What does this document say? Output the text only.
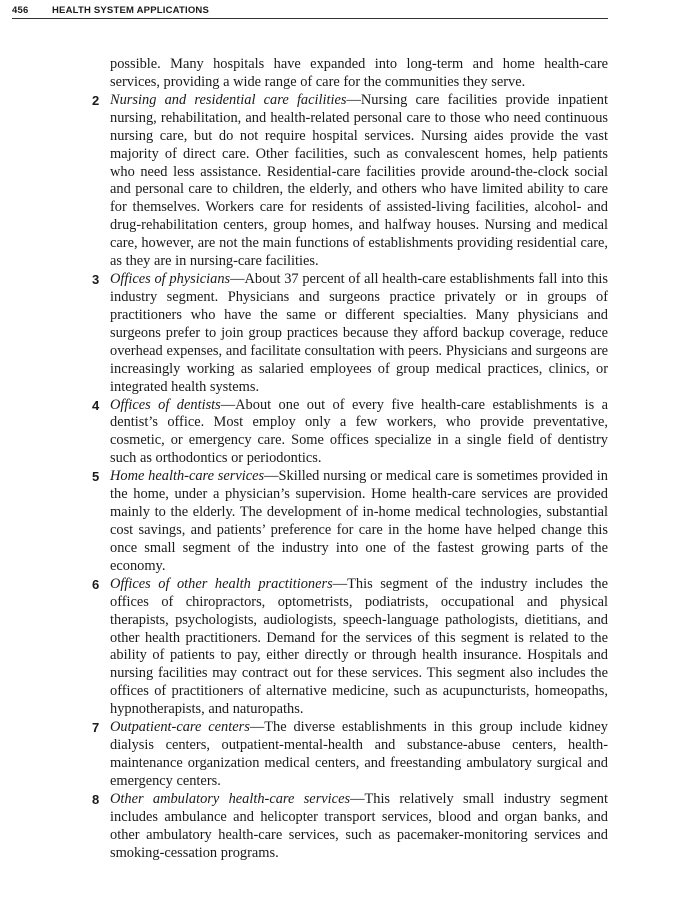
456 HEALTH SYSTEM APPLICATIONS

possible. Many hospitals have expanded into long-term and home health-care services, providing a wide range of care for the communities they serve.

2 Nursing and residential care facilities—Nursing care facilities provide inpatient nursing, rehabilitation, and health-related personal care to those who need continuous nursing care, but do not require hospital services. Nursing aides provide the vast majority of direct care. Other facilities, such as convalescent homes, help patients who need less assistance. Residential-care facilities provide around-the-clock social and personal care to children, the elderly, and others who have limited ability to care for themselves. Workers care for residents of assisted-living facilities, alcohol- and drug-rehabilitation centers, group homes, and halfway houses. Nursing and medical care, however, are not the main functions of establishments providing residential care, as they are in nursing-care facilities.

3 Offices of physicians—About 37 percent of all health-care establishments fall into this industry segment. Physicians and surgeons practice privately or in groups of practitioners who have the same or different specialties. Many physicians and surgeons prefer to join group practices because they afford backup coverage, reduce overhead expenses, and facilitate consultation with peers. Physicians and surgeons are increasingly working as salaried employees of group medical practices, clinics, or integrated health systems.

4 Offices of dentists—About one out of every five health-care establishments is a dentist’s office. Most employ only a few workers, who provide preventative, cosmetic, or emergency care. Some offices specialize in a single field of dentistry such as orthodontics or periodontics.

5 Home health-care services—Skilled nursing or medical care is sometimes provided in the home, under a physician’s supervision. Home health-care services are provided mainly to the elderly. The development of in-home medical technologies, substantial cost savings, and patients’ preference for care in the home have helped change this once small segment of the industry into one of the fastest growing parts of the economy.

6 Offices of other health practitioners—This segment of the industry includes the offices of chiropractors, optometrists, podiatrists, occupational and physical therapists, psychologists, audiologists, speech-language pathologists, dietitians, and other health practitioners. Demand for the services of this segment is related to the ability of patients to pay, either directly or through health insurance. Hospitals and nursing facilities may contract out for these services. This segment also includes the offices of practitioners of alternative medicine, such as acupuncturists, homeopaths, hypnotherapists, and naturopaths.

7 Outpatient-care centers—The diverse establishments in this group include kidney dialysis centers, outpatient-mental-health and substance-abuse centers, health-maintenance organization medical centers, and freestanding ambulatory surgical and emergency centers.

8 Other ambulatory health-care services—This relatively small industry segment includes ambulance and helicopter transport services, blood and organ banks, and other ambulatory health-care services, such as pacemaker-monitoring services and smoking-cessation programs.
